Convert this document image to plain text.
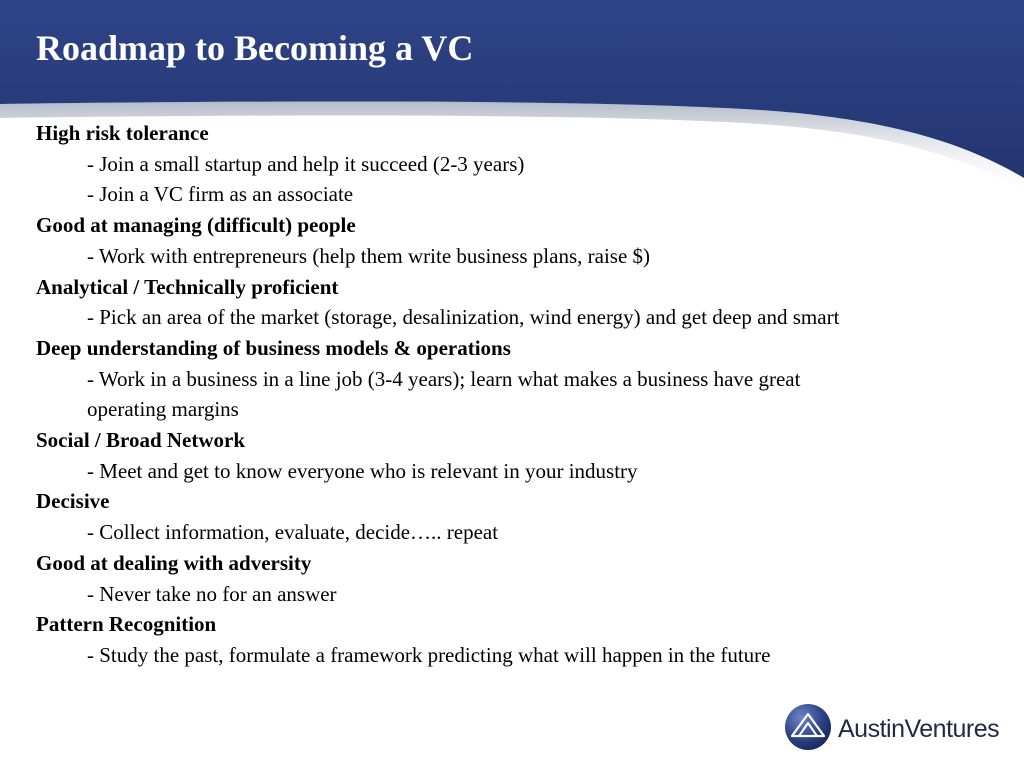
Roadmap to Becoming a VC
High risk tolerance
- Join a small startup and help it succeed (2-3 years)
- Join a VC firm as an associate
Good at managing (difficult) people
- Work with entrepreneurs (help them write business plans, raise $)
Analytical / Technically proficient
- Pick an area of the market (storage, desalinization, wind energy) and get deep and smart
Deep understanding of business models & operations
- Work in a business in a line job (3-4 years); learn what makes a business have great
operating margins
Social / Broad Network
- Meet and get to know everyone who is relevant in your industry
Decisive
- Collect information, evaluate, decide….. repeat
Good at dealing with adversity
- Never take no for an answer
Pattern Recognition
- Study the past, formulate a framework predicting what will happen in the future
AustinVentures
